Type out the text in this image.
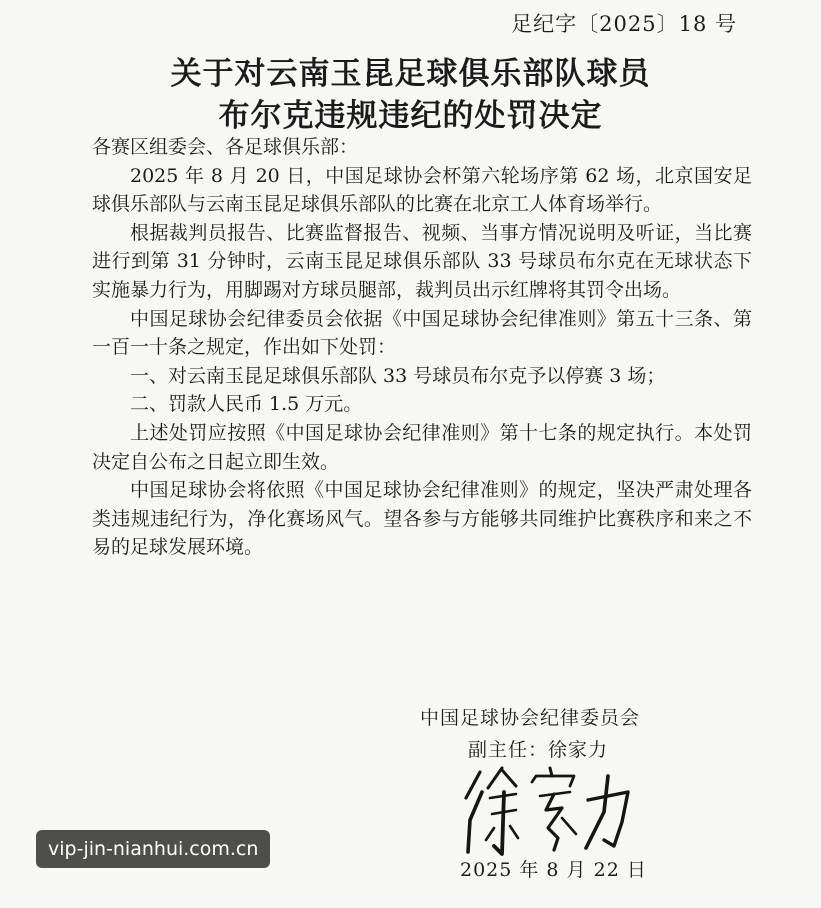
足纪字〔2025〕18 号
关于对云南玉昆足球俱乐部队球员
布尔克违规违纪的处罚决定

各赛区组委会、各足球俱乐部：

2025 年 8 月 20 日，中国足球协会杯第六轮场序第 62 场，北京国安足球俱乐部队与云南玉昆足球俱乐部队的比赛在北京工人体育场举行。

根据裁判员报告、比赛监督报告、视频、当事方情况说明及听证，当比赛进行到第 31 分钟时，云南玉昆足球俱乐部队 33 号球员布尔克在无球状态下实施暴力行为，用脚踢对方球员腿部，裁判员出示红牌将其罚令出场。

中国足球协会纪律委员会依据《中国足球协会纪律准则》第五十三条、第一百一十条之规定，作出如下处罚：

一、对云南玉昆足球俱乐部队 33 号球员布尔克予以停赛 3 场；

二、罚款人民币 1.5 万元。

上述处罚应按照《中国足球协会纪律准则》第十七条的规定执行。本处罚决定自公布之日起立即生效。

中国足球协会将依照《中国足球协会纪律准则》的规定，坚决严肃处理各类违规违纪行为，净化赛场风气。望各参与方能够共同维护比赛秩序和来之不易的足球发展环境。

中国足球协会纪律委员会
副主任：徐家力
2025 年 8 月 22 日
vip-jin-nianhui.com.cn
